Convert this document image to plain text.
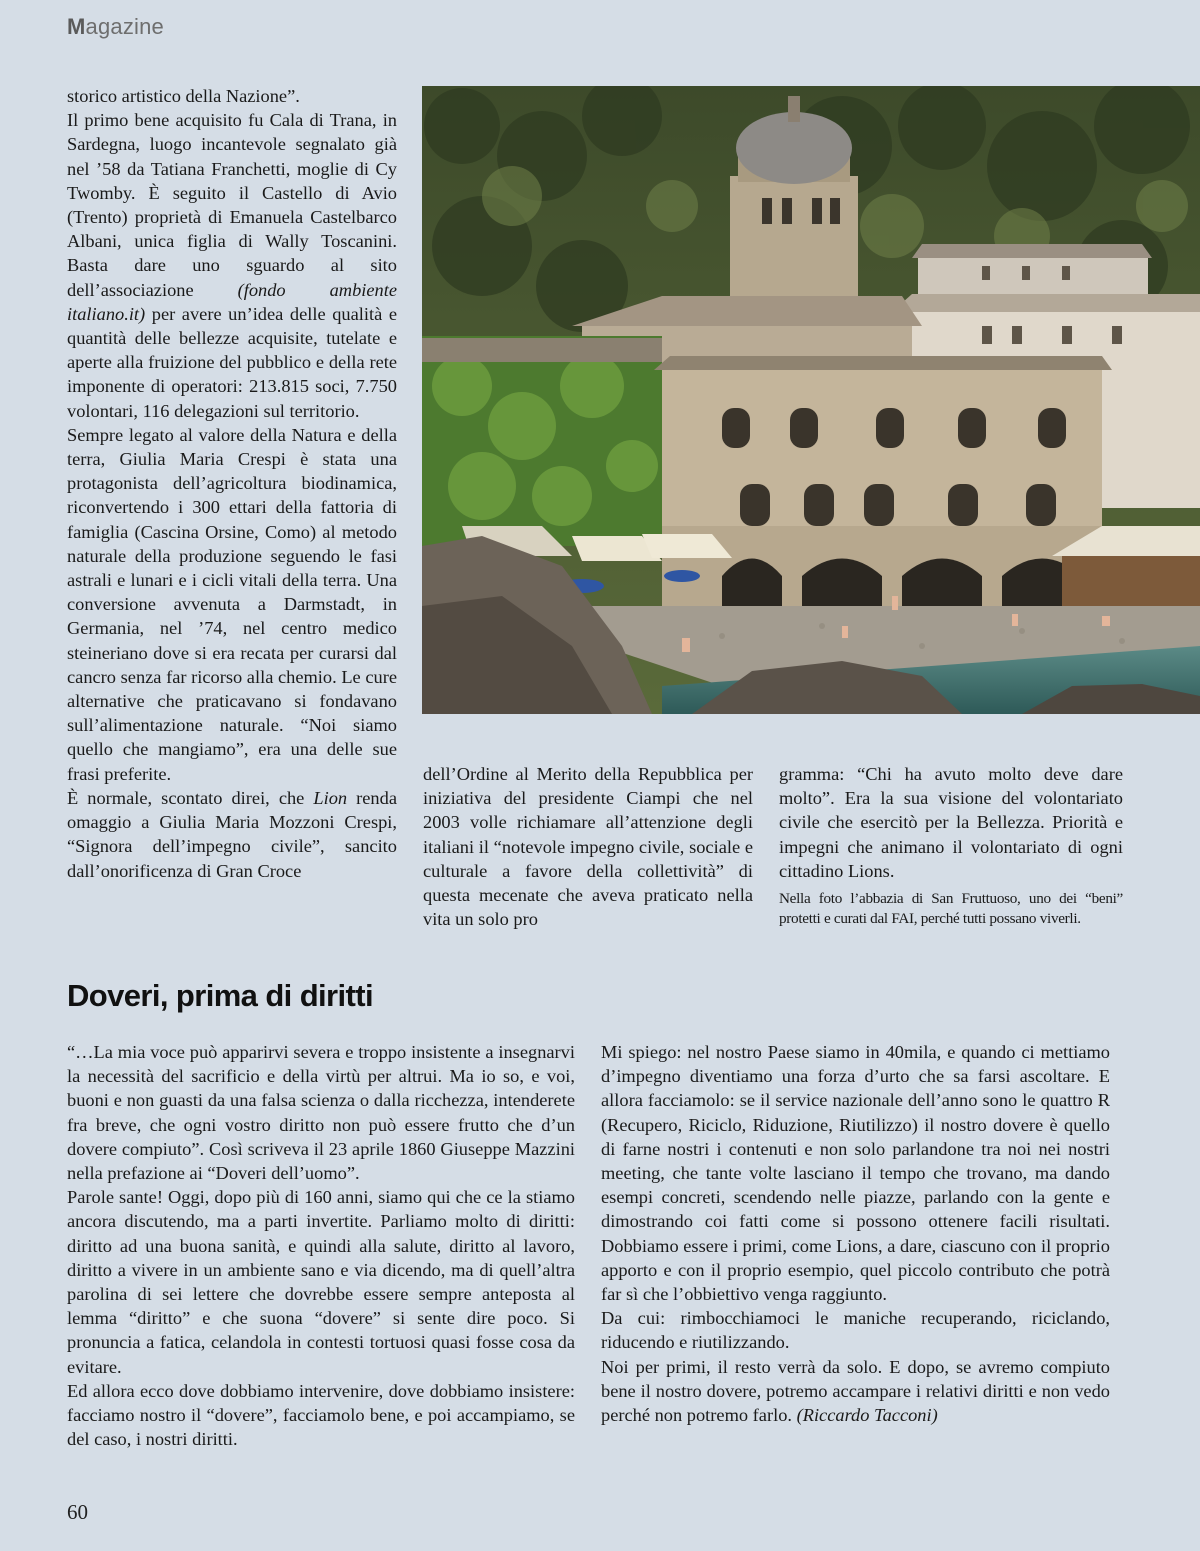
Magazine

storico artistico della Nazione”.

Il primo bene acquisito fu Cala di Trana, in Sardegna, luogo incantevole segnalato già nel ’58 da Tatiana Franchetti, moglie di Cy Twomby. È seguito il Castello di Avio (Trento) proprietà di Emanuela Castelbarco Albani, unica figlia di Wally Toscanini. Basta dare uno sguardo al sito dell’associazione (fondo ambiente italiano.it) per avere un’idea delle qualità e quantità delle bellezze acquisite, tutelate e aperte alla fruizione del pubblico e della rete imponente di operatori: 213.815 soci, 7.750 volontari, 116 delegazioni sul territorio.

Sempre legato al valore della Natura e della terra, Giulia Maria Crespi è stata una protagonista dell’agricoltura biodinamica, riconvertendo i 300 ettari della fattoria di famiglia (Cascina Orsine, Como) al metodo naturale della produzione seguendo le fasi astrali e lunari e i cicli vitali della terra. Una conversione avvenuta a Darmstadt, in Germania, nel ’74, nel centro medico steineriano dove si era recata per curarsi dal cancro senza far ricorso alla chemio. Le cure alternative che praticavano si fondavano sull’alimentazione naturale. “Noi siamo quello che mangiamo”, era una delle sue frasi preferite.

È normale, scontato direi, che Lion renda omaggio a Giulia Maria Mozzoni Crespi, “Signora dell’impegno civile”, sancito dall’onorificenza di Gran Croce

dell’Ordine al Merito della Repubblica per iniziativa del presidente Ciampi che nel 2003 volle richiamare all’attenzione degli italiani il “notevole impegno civile, sociale e culturale a favore della collettività” di questa mecenate che aveva praticato nella vita un solo pro

gramma: “Chi ha avuto molto deve dare molto”. Era la sua visione del volontariato civile che esercitò per la Bellezza. Priorità e impegni che animano il volontariato di ogni cittadino Lions.

Nella foto l’abbazia di San Fruttuoso, uno dei “beni” protetti e curati dal FAI, perché tutti possano viverli.

Doveri, prima di diritti

“…La mia voce può apparirvi severa e troppo insistente a insegnarvi la necessità del sacrificio e della virtù per altrui. Ma io so, e voi, buoni e non guasti da una falsa scienza o dalla ricchezza, intenderete fra breve, che ogni vostro diritto non può essere frutto che d’un dovere compiuto”. Così scriveva il 23 aprile 1860 Giuseppe Mazzini nella prefazione ai “Doveri dell’uomo”.

Parole sante! Oggi, dopo più di 160 anni, siamo qui che ce la stiamo ancora discutendo, ma a parti invertite. Parliamo molto di diritti: diritto ad una buona sanità, e quindi alla salute, diritto al lavoro, diritto a vivere in un ambiente sano e via dicendo, ma di quell’altra parolina di sei lettere che dovrebbe essere sempre anteposta al lemma “diritto” e che suona “dovere” si sente dire poco. Si pronuncia a fatica, celandola in contesti tortuosi quasi fosse cosa da evitare.

Ed allora ecco dove dobbiamo intervenire, dove dobbiamo insistere: facciamo nostro il “dovere”, facciamolo bene, e poi accampiamo, se del caso, i nostri diritti.

Mi spiego: nel nostro Paese siamo in 40mila, e quando ci mettiamo d’impegno diventiamo una forza d’urto che sa farsi ascoltare. E allora facciamolo: se il service nazionale dell’anno sono le quattro R (Recupero, Riciclo, Riduzione, Riutilizzo) il nostro dovere è quello di farne nostri i contenuti e non solo parlandone tra noi nei nostri meeting, che tante volte lasciano il tempo che trovano, ma dando esempi concreti, scendendo nelle piazze, parlando con la gente e dimostrando coi fatti come si possono ottenere facili risultati. Dobbiamo essere i primi, come Lions, a dare, ciascuno con il proprio apporto e con il proprio esempio, quel piccolo contributo che potrà far sì che l’obbiettivo venga raggiunto.

Da cui: rimbocchiamoci le maniche recuperando, riciclando, riducendo e riutilizzando.

Noi per primi, il resto verrà da solo. E dopo, se avremo compiuto bene il nostro dovere, potremo accampare i relativi diritti e non vedo perché non potremo farlo. (Riccardo Tacconi)

60
